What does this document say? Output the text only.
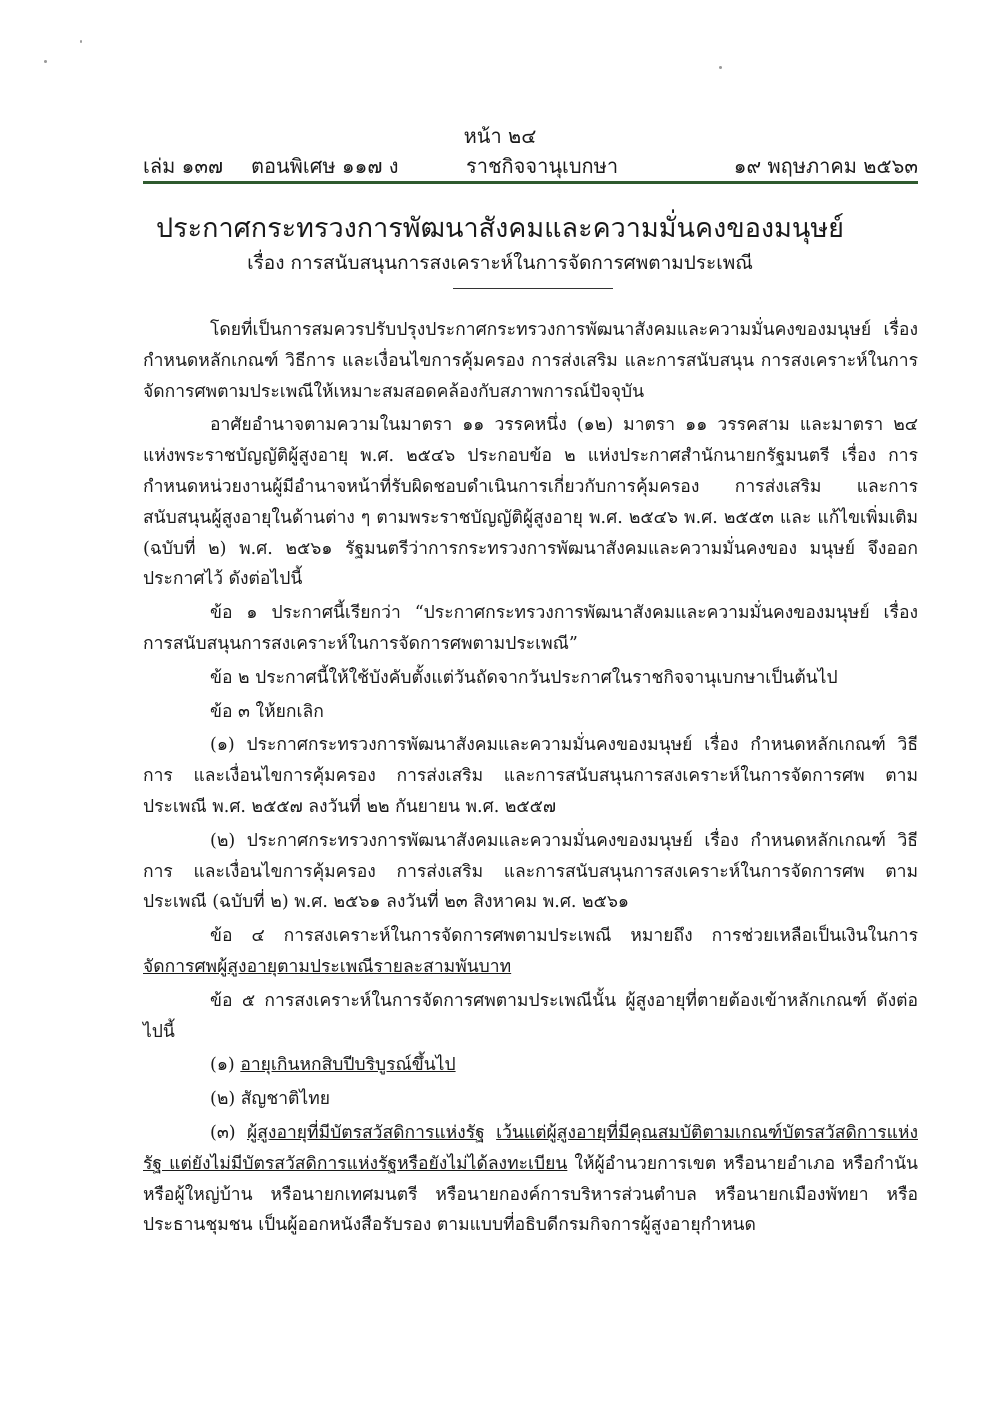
หน้า ๒๔
เล่ม ๑๓๗ ตอนพิเศษ ๑๑๗ ง	ราชกิจจานุเบกษา	๑๙ พฤษภาคม ๒๕๖๓
ประกาศกระทรวงการพัฒนาสังคมและความมั่นคงของมนุษย์
เรื่อง การสนับสนุนการสงเคราะห์ในการจัดการศพตามประเพณี

โดยที่เป็นการสมควรปรับปรุงประกาศกระทรวงการพัฒนาสังคมและความมั่นคงของมนุษย์ เรื่อง กำหนดหลักเกณฑ์ วิธีการ และเงื่อนไขการคุ้มครอง การส่งเสริม และการสนับสนุน การสงเคราะห์ในการจัดการศพตามประเพณีให้เหมาะสมสอดคล้องกับสภาพการณ์ปัจจุบัน

อาศัยอำนาจตามความในมาตรา ๑๑ วรรคหนึ่ง (๑๒) มาตรา ๑๑ วรรคสาม และมาตรา ๒๔ แห่งพระราชบัญญัติผู้สูงอายุ พ.ศ. ๒๕๔๖ ประกอบข้อ ๒ แห่งประกาศสำนักนายกรัฐมนตรี เรื่อง การกำหนดหน่วยงานผู้มีอำนาจหน้าที่รับผิดชอบดำเนินการเกี่ยวกับการคุ้มครอง การส่งเสริม และการสนับสนุนผู้สูงอายุในด้านต่าง ๆ ตามพระราชบัญญัติผู้สูงอายุ พ.ศ. ๒๕๔๖ พ.ศ. ๒๕๕๓ และ แก้ไขเพิ่มเติม (ฉบับที่ ๒) พ.ศ. ๒๕๖๑ รัฐมนตรีว่าการกระทรวงการพัฒนาสังคมและความมั่นคงของ มนุษย์ จึงออกประกาศไว้ ดังต่อไปนี้

ข้อ ๑ ประกาศนี้เรียกว่า “ประกาศกระทรวงการพัฒนาสังคมและความมั่นคงของมนุษย์ เรื่อง การสนับสนุนการสงเคราะห์ในการจัดการศพตามประเพณี”

ข้อ ๒ ประกาศนี้ให้ใช้บังคับตั้งแต่วันถัดจากวันประกาศในราชกิจจานุเบกษาเป็นต้นไป

ข้อ ๓ ให้ยกเลิก

(๑) ประกาศกระทรวงการพัฒนาสังคมและความมั่นคงของมนุษย์ เรื่อง กำหนดหลักเกณฑ์ วิธีการ และเงื่อนไขการคุ้มครอง การส่งเสริม และการสนับสนุนการสงเคราะห์ในการจัดการศพ ตามประเพณี พ.ศ. ๒๕๕๗ ลงวันที่ ๒๒ กันยายน พ.ศ. ๒๕๕๗

(๒) ประกาศกระทรวงการพัฒนาสังคมและความมั่นคงของมนุษย์ เรื่อง กำหนดหลักเกณฑ์ วิธีการ และเงื่อนไขการคุ้มครอง การส่งเสริม และการสนับสนุนการสงเคราะห์ในการจัดการศพ ตามประเพณี (ฉบับที่ ๒) พ.ศ. ๒๕๖๑ ลงวันที่ ๒๓ สิงหาคม พ.ศ. ๒๕๖๑

ข้อ ๔ การสงเคราะห์ในการจัดการศพตามประเพณี หมายถึง การช่วยเหลือเป็นเงินในการ จัดการศพผู้สูงอายุตามประเพณีรายละสามพันบาท

ข้อ ๕ การสงเคราะห์ในการจัดการศพตามประเพณีนั้น ผู้สูงอายุที่ตายต้องเข้าหลักเกณฑ์ ดังต่อไปนี้

(๑) อายุเกินหกสิบปีบริบูรณ์ขึ้นไป

(๒) สัญชาติไทย

(๓) ผู้สูงอายุที่มีบัตรสวัสดิการแห่งรัฐ เว้นแต่ผู้สูงอายุที่มีคุณสมบัติตามเกณฑ์บัตรสวัสดิการแห่งรัฐ แต่ยังไม่มีบัตรสวัสดิการแห่งรัฐหรือยังไม่ได้ลงทะเบียน ให้ผู้อำนวยการเขต หรือนายอำเภอ หรือกำนัน หรือผู้ใหญ่บ้าน หรือนายกเทศมนตรี หรือนายกองค์การบริหารส่วนตำบล หรือนายกเมืองพัทยา หรือ ประธานชุมชน เป็นผู้ออกหนังสือรับรอง ตามแบบที่อธิบดีกรมกิจการผู้สูงอายุกำหนด
